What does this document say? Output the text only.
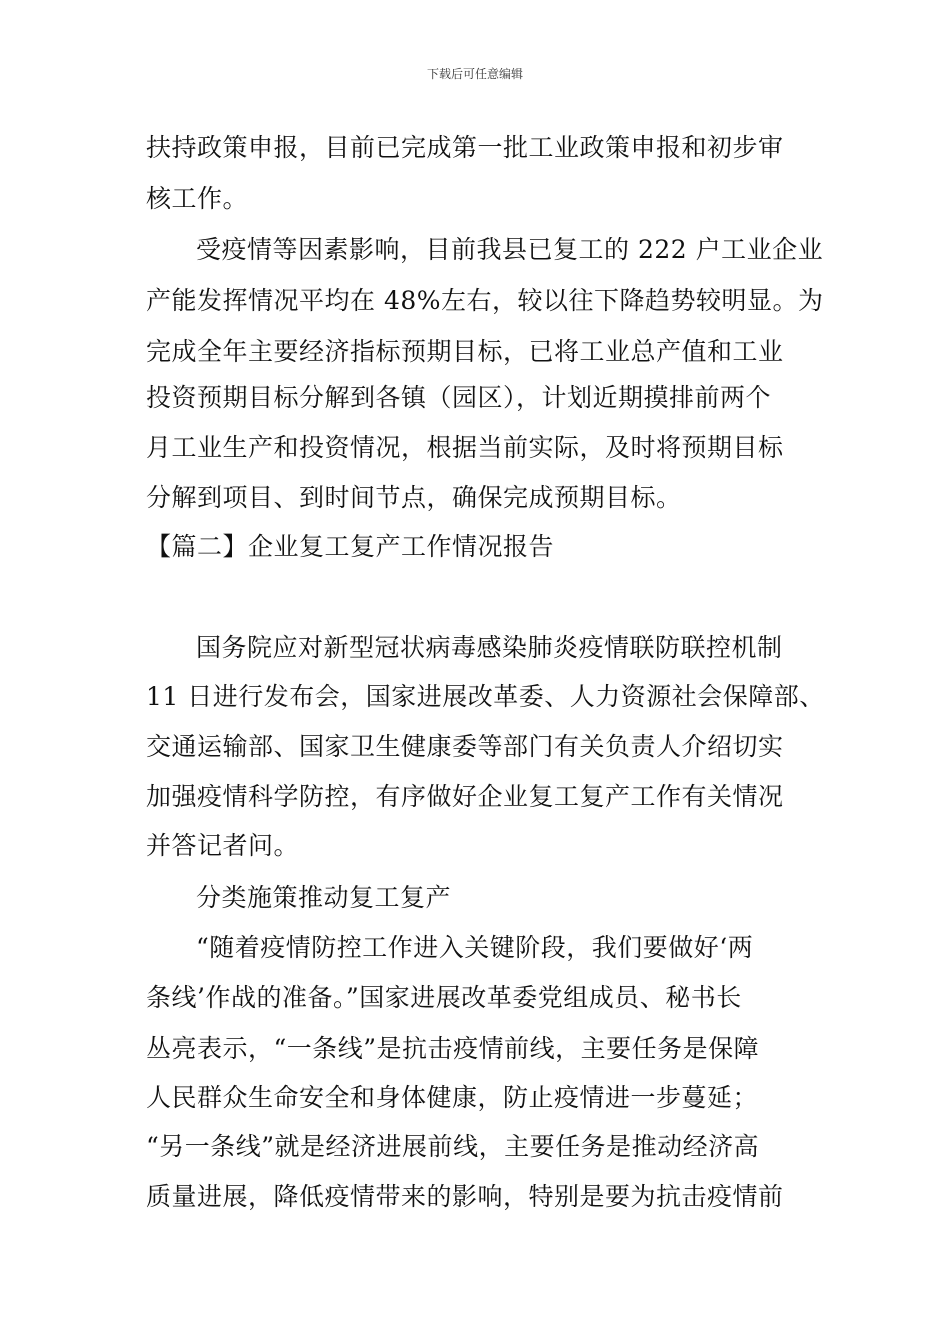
下载后可任意编辑
扶持政策申报，目前已完成第一批工业政策申报和初步审
核工作。
受疫情等因素影响，目前我县已复工的 222 户工业企业
产能发挥情况平均在 48%左右，较以往下降趋势较明显。为
完成全年主要经济指标预期目标，已将工业总产值和工业
投资预期目标分解到各镇（园区），计划近期摸排前两个
月工业生产和投资情况，根据当前实际，及时将预期目标
分解到项目、到时间节点，确保完成预期目标。
【篇二】企业复工复产工作情况报告
国务院应对新型冠状病毒感染肺炎疫情联防联控机制
11 日进行发布会，国家进展改革委、人力资源社会保障部、
交通运输部、国家卫生健康委等部门有关负责人介绍切实
加强疫情科学防控，有序做好企业复工复产工作有关情况
并答记者问。
分类施策推动复工复产
“随着疫情防控工作进入关键阶段，我们要做好‘两
条线’作战的准备。”国家进展改革委党组成员、秘书长
丛亮表示，“一条线”是抗击疫情前线，主要任务是保障
人民群众生命安全和身体健康，防止疫情进一步蔓延；
“另一条线”就是经济进展前线，主要任务是推动经济高
质量进展，降低疫情带来的影响，特别是要为抗击疫情前
